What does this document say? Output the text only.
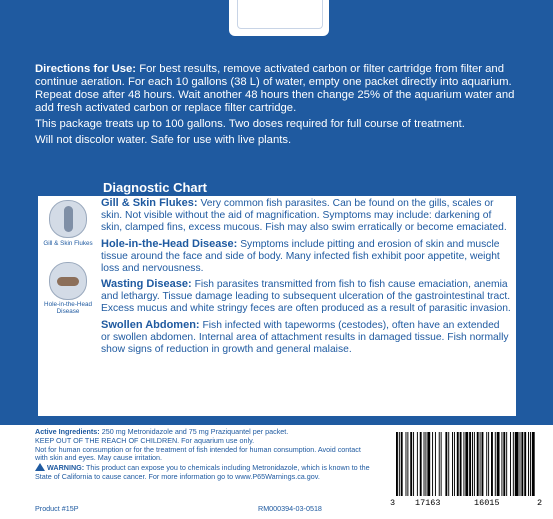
Directions for Use: For best results, remove activated carbon or filter cartridge from filter and continue aeration. For each 10 gallons (38 L) of water, empty one packet directly into aquarium. Repeat dose after 48 hours. Wait another 48 hours then change 25% of the aquarium water and add fresh activated carbon or replace filter cartridge.

This package treats up to 100 gallons. Two doses required for full course of treatment.

Will not discolor water. Safe for use with live plants.

Diagnostic Chart
Gill & Skin Flukes
Hole-in-the-Head Disease

Gill & Skin Flukes: Very common fish parasites. Can be found on the gills, scales or skin. Not visible without the aid of magnification. Symptoms may include: darkening of skin, clamped fins, excess mucous. Fish may also swim erratically or become emaciated.

Hole-in-the-Head Disease: Symptoms include pitting and erosion of skin and muscle tissue around the face and side of body. Many infected fish exhibit poor appetite, weight loss and nervousness.

Wasting Disease: Fish parasites transmitted from fish to fish cause emaciation, anemia and lethargy. Tissue damage leading to subsequent ulceration of the gastrointestinal tract. Excess mucus and white stringy feces are often produced as a result of parasitic invasion.

Swollen Abdomen: Fish infected with tapeworms (cestodes), often have an extended or swollen abdomen. Internal area of attachment results in damaged tissue. Fish normally show signs of reduction in growth and general malaise.

Active Ingredients: 250 mg Metronidazole and 75 mg Praziquantel per packet.

KEEP OUT OF THE REACH OF CHILDREN. For aquarium use only.

Not for human consumption or for the treatment of fish intended for human consumption. Avoid contact with skin and eyes. May cause irritation.

WARNING: This product can expose you to chemicals including Metronidazole, which is known to the State of California to cause cancer. For more information go to www.P65Warnings.ca.gov.

Product #15P	RM000394-03-0518
3 17163	16015	2
